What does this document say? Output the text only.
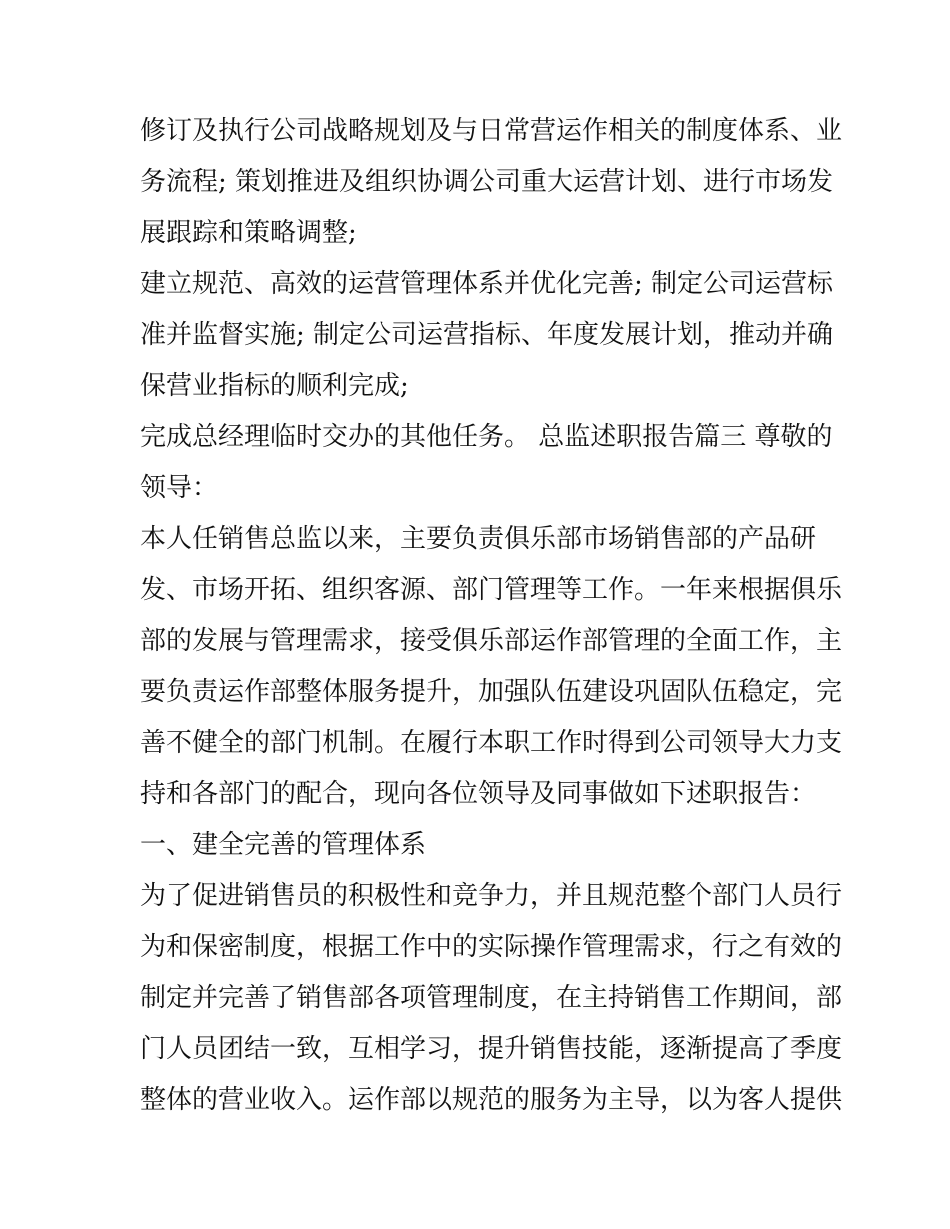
修订及执行公司战略规划及与日常营运作相关的制度体系、业
务流程; 策划推进及组织协调公司重大运营计划、进行市场发
展跟踪和策略调整;
建立规范、高效的运营管理体系并优化完善; 制定公司运营标
准并监督实施; 制定公司运营指标、年度发展计划，推动并确
保营业指标的顺利完成;
完成总经理临时交办的其他任务。 总监述职报告篇三 尊敬的
领导：
本人任销售总监以来，主要负责俱乐部市场销售部的产品研
发、市场开拓、组织客源、部门管理等工作。一年来根据俱乐
部的发展与管理需求，接受俱乐部运作部管理的全面工作，主
要负责运作部整体服务提升，加强队伍建设巩固队伍稳定，完
善不健全的部门机制。在履行本职工作时得到公司领导大力支
持和各部门的配合，现向各位领导及同事做如下述职报告：
一、建全完善的管理体系
为了促进销售员的积极性和竞争力，并且规范整个部门人员行
为和保密制度，根据工作中的实际操作管理需求，行之有效的
制定并完善了销售部各项管理制度，在主持销售工作期间，部
门人员团结一致，互相学习，提升销售技能，逐渐提高了季度
整体的营业收入。运作部以规范的服务为主导，以为客人提供
